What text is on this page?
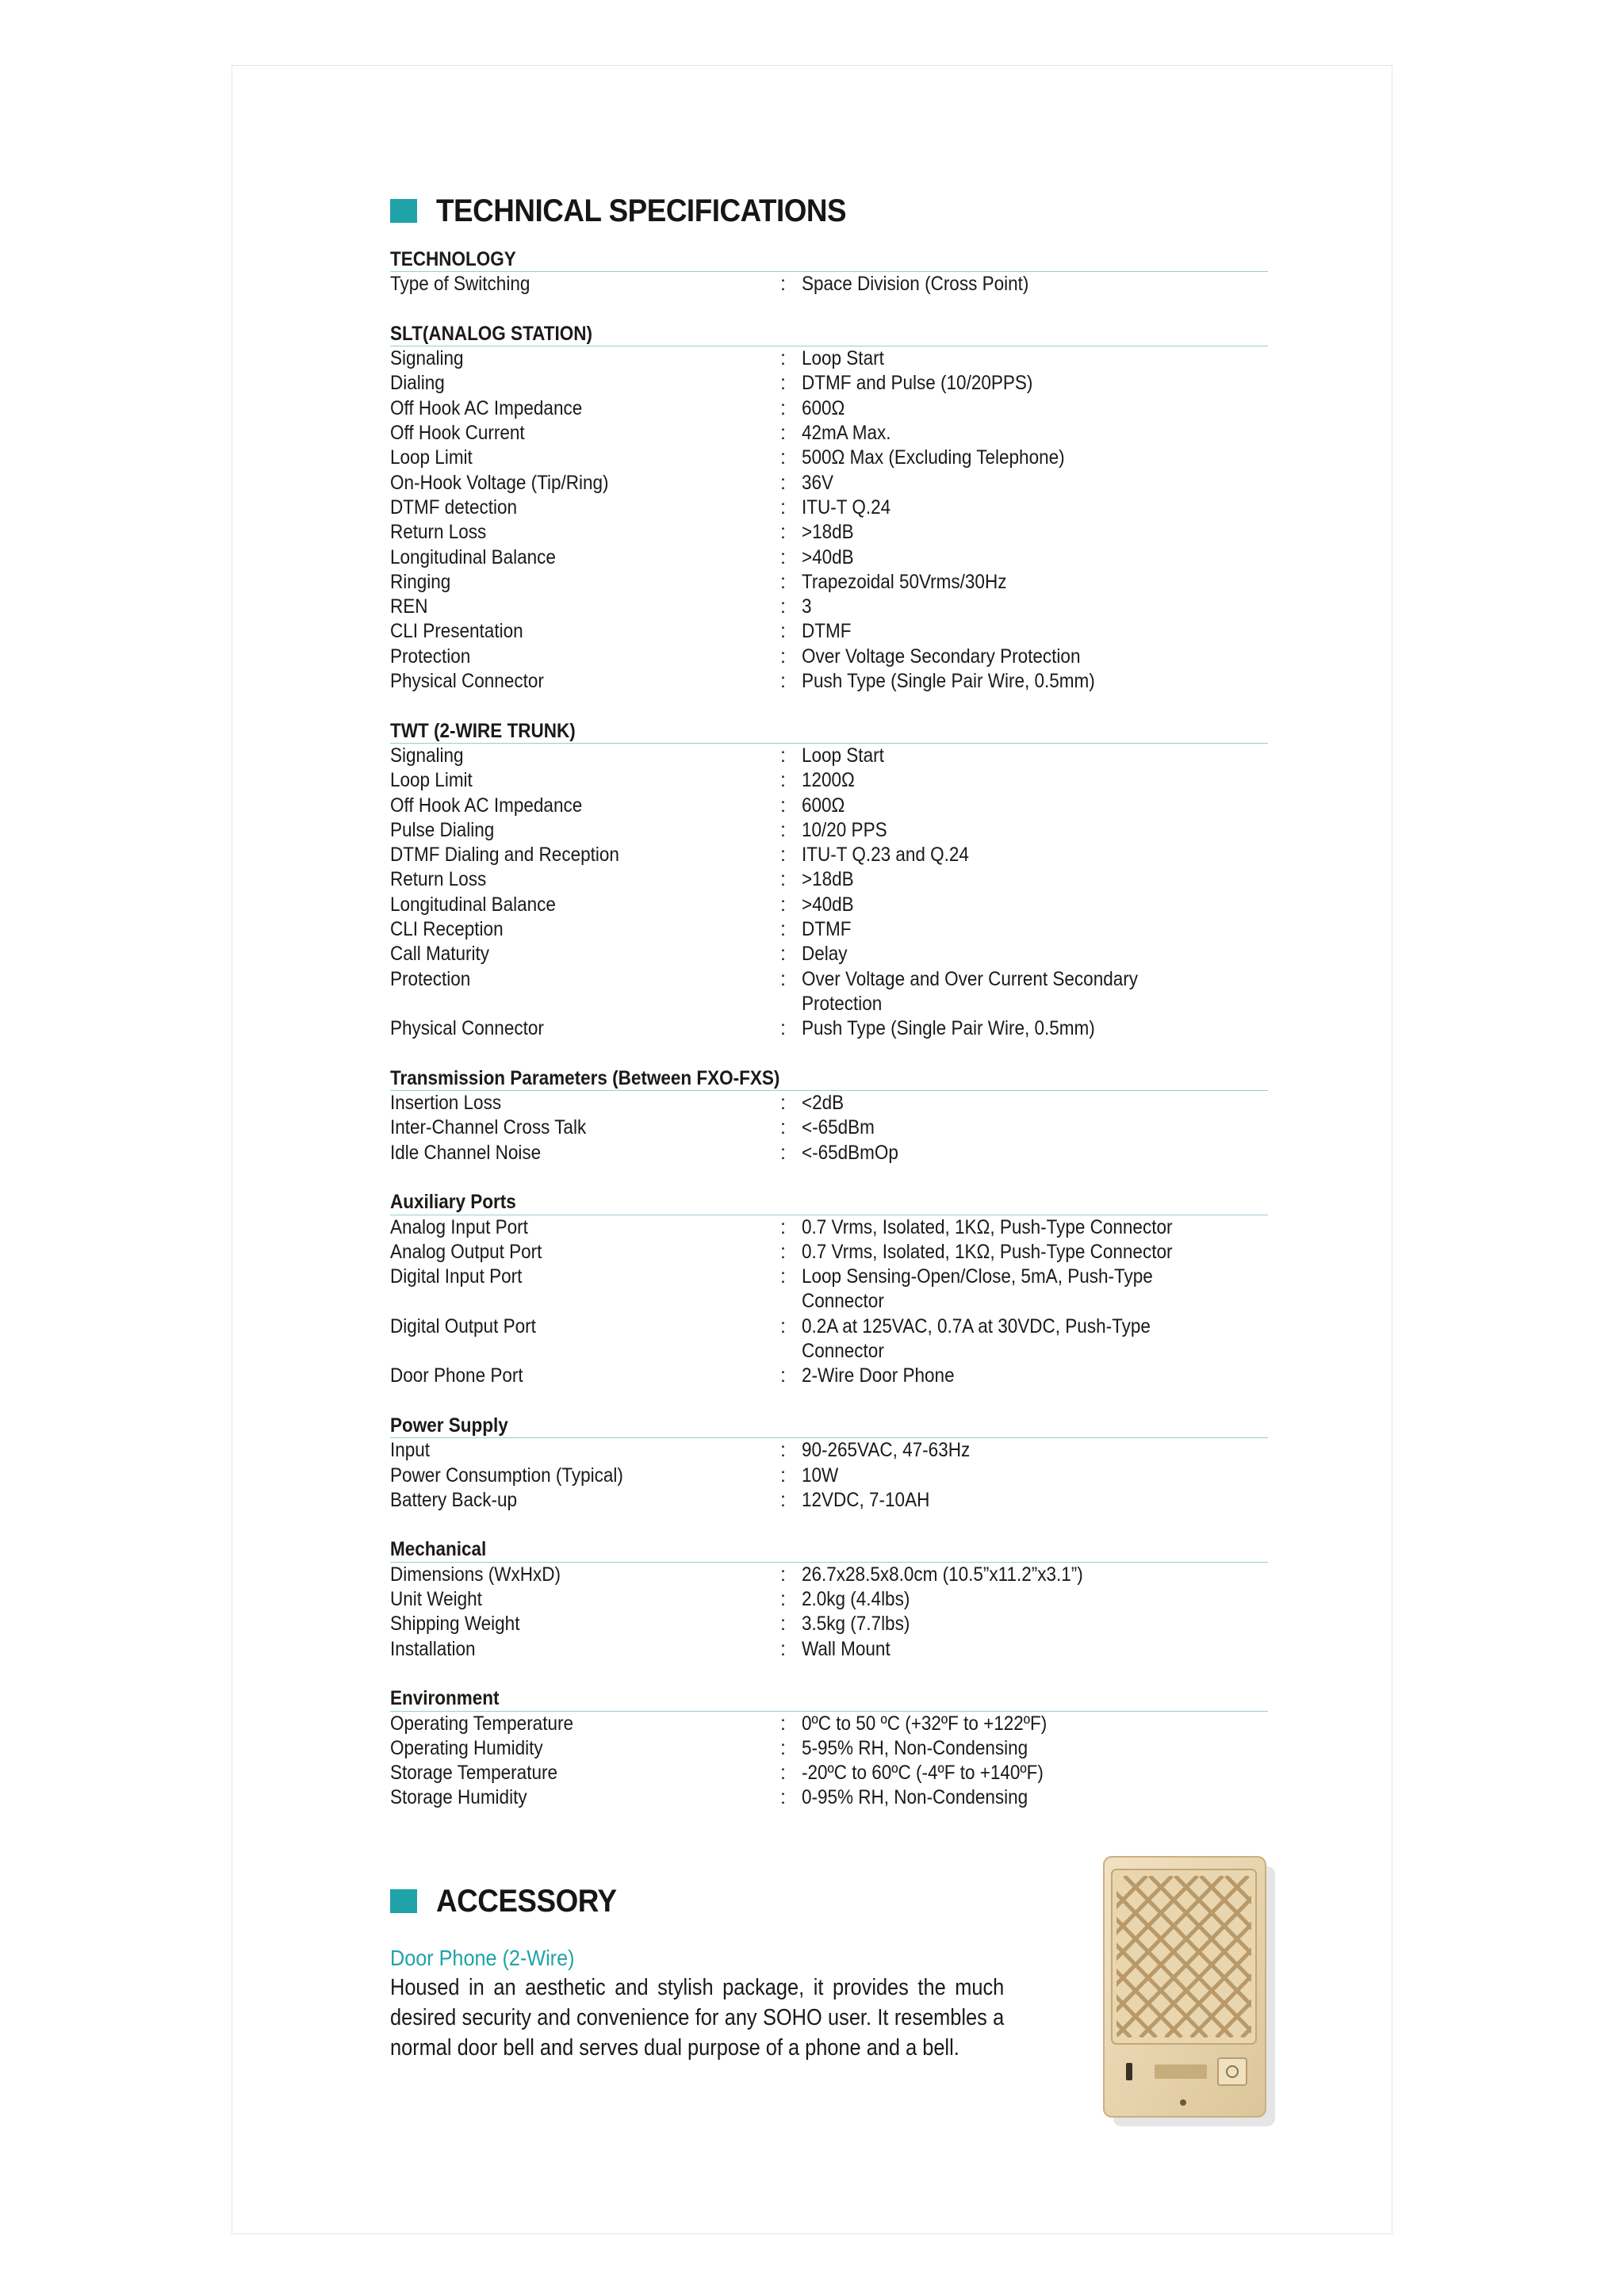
TECHNICAL SPECIFICATIONS
TECHNOLOGY
Type of Switching	: Space Division (Cross Point)
SLT(ANALOG STATION)
Signaling	: Loop Start
Dialing	: DTMF and Pulse (10/20PPS)
Off Hook AC Impedance	: 600Ω
Off Hook Current	: 42mA Max.
Loop Limit	: 500Ω Max (Excluding Telephone)
On-Hook Voltage (Tip/Ring)	: 36V
DTMF detection	: ITU-T Q.24
Return Loss	: >18dB
Longitudinal Balance	: >40dB
Ringing	: Trapezoidal 50Vrms/30Hz
REN	: 3
CLI Presentation	: DTMF
Protection	: Over Voltage Secondary Protection
Physical Connector	: Push Type (Single Pair Wire, 0.5mm)
TWT (2-WIRE TRUNK)
Signaling	: Loop Start
Loop Limit	: 1200Ω
Off Hook AC Impedance	: 600Ω
Pulse Dialing	: 10/20 PPS
DTMF Dialing and Reception	: ITU-T Q.23 and Q.24
Return Loss	: >18dB
Longitudinal Balance	: >40dB
CLI Reception	: DTMF
Call Maturity	: Delay
Protection	: Over Voltage and Over Current Secondary Protection
Physical Connector	: Push Type (Single Pair Wire, 0.5mm)
Transmission Parameters (Between FXO-FXS)
Insertion Loss	: <2dB
Inter-Channel Cross Talk	: <-65dBm
Idle Channel Noise	: <-65dBmOp
Auxiliary Ports
Analog Input Port	: 0.7 Vrms, Isolated, 1KΩ, Push-Type Connector
Analog Output Port	: 0.7 Vrms, Isolated, 1KΩ, Push-Type Connector
Digital Input Port	: Loop Sensing-Open/Close, 5mA, Push-Type Connector
Digital Output Port	: 0.2A at 125VAC, 0.7A at 30VDC, Push-Type Connector
Door Phone Port	: 2-Wire Door Phone
Power Supply
Input	: 90-265VAC, 47-63Hz
Power Consumption (Typical)	: 10W
Battery Back-up	: 12VDC, 7-10AH
Mechanical
Dimensions (WxHxD)	: 26.7x28.5x8.0cm (10.5”x11.2”x3.1”)
Unit Weight	: 2.0kg (4.4lbs)
Shipping Weight	: 3.5kg (7.7lbs)
Installation	: Wall Mount
Environment
Operating Temperature	: 0ºC to 50 ºC (+32ºF to +122ºF)
Operating Humidity	: 5-95% RH, Non-Condensing
Storage Temperature	: -20ºC to 60ºC (-4ºF to +140ºF)
Storage Humidity	: 0-95% RH, Non-Condensing
ACCESSORY
Door Phone (2-Wire)
Housed in an aesthetic and stylish package, it provides the much desired security and convenience for any SOHO user. It resembles a normal door bell and serves dual purpose of a phone and a bell.
